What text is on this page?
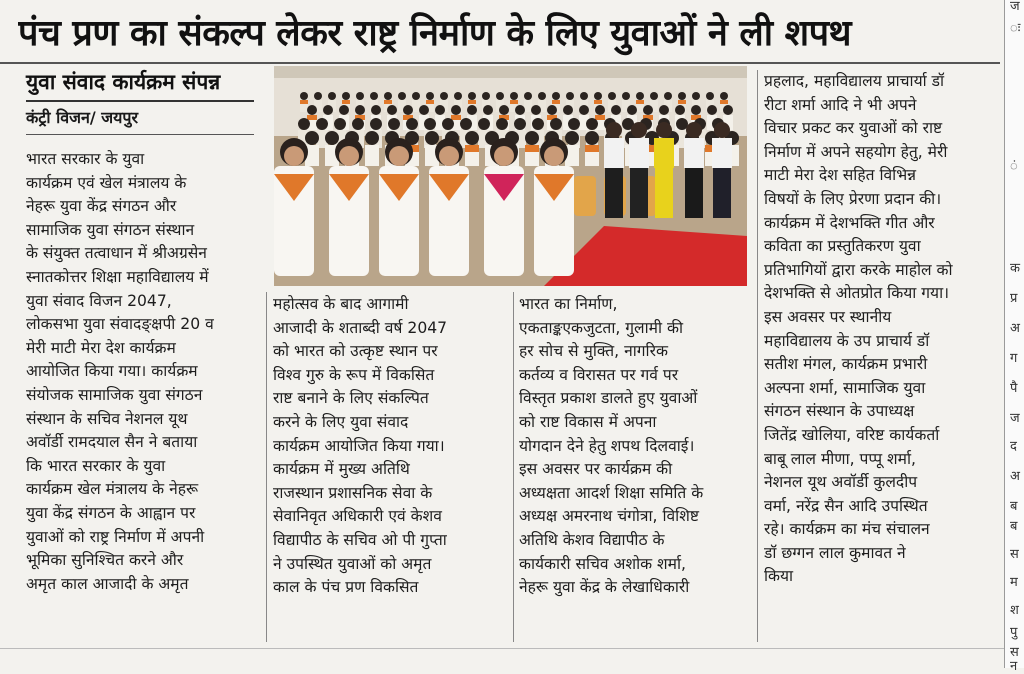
पंच प्रण का संकल्प लेकर राष्ट्र निर्माण के लिए युवाओं ने ली शपथ
युवा संवाद कार्यक्रम संपन्न
कंट्री विजन/ जयपुर
भारत सरकार के युवा
कार्यक्रम एवं खेल मंत्रालय के
नेहरू युवा केंद्र संगठन और
सामाजिक युवा संगठन संस्थान
के संयुक्त तत्वाधान में श्रीअग्रसेन
स्नातकोत्तर शिक्षा महाविद्यालय में
युवा संवाद विजन 2047,
लोकसभा युवा संवादङ्क्षपी 20 व
मेरी माटी मेरा देश कार्यक्रम
आयोजित किया गया। कार्यक्रम
संयोजक सामाजिक युवा संगठन
संस्थान के सचिव नेशनल यूथ
अवॉर्डी रामदयाल सैन ने बताया
कि भारत सरकार के युवा
कार्यक्रम खेल मंत्रालय के नेहरू
युवा केंद्र संगठन के आह्वान पर
युवाओं को राष्ट्र निर्माण में अपनी
भूमिका सुनिश्चित करने और
अमृत काल आजादी के अमृत
महोत्सव के बाद आगामी
आजादी के शताब्दी वर्ष 2047
को भारत को उत्कृष्ट स्थान पर
विश्व गुरु के रूप में विकसित
राष्ट बनाने के लिए संकल्पित
करने के लिए युवा संवाद
कार्यक्रम आयोजित किया गया।
कार्यक्रम में मुख्य अतिथि
राजस्थान प्रशासनिक सेवा के
सेवानिवृत अधिकारी एवं केशव
विद्यापीठ के सचिव ओ पी गुप्ता
ने उपस्थित युवाओं को अमृत
काल के पंच प्रण विकसित
भारत का निर्माण,
एकताङ्कएकजुटता, गुलामी की
हर सोच से मुक्ति, नागरिक
कर्तव्य व विरासत पर गर्व पर
विस्तृत प्रकाश डालते हुए युवाओं
को राष्ट विकास में अपना
योगदान देने हेतु शपथ दिलवाई।
इस अवसर पर कार्यक्रम की
अध्यक्षता आदर्श शिक्षा समिति के
अध्यक्ष अमरनाथ चंगोत्रा, विशिष्ट
अतिथि केशव विद्यापीठ के
कार्यकारी सचिव अशोक शर्मा,
नेहरू युवा केंद्र के लेखाधिकारी
प्रहलाद, महाविद्यालय प्राचार्या डॉ
रीटा शर्मा आदि ने भी अपने
विचार प्रकट कर युवाओं को राष्ट
निर्माण में अपने सहयोग हेतु, मेरी
माटी मेरा देश सहित विभिन्न
विषयों के लिए प्रेरणा प्रदान की।
कार्यक्रम में देशभक्ति गीत और
कविता का प्रस्तुतिकरण युवा
प्रतिभागियों द्वारा करके माहोल को
देशभक्ति से ओतप्रोत किया गया।
इस अवसर पर स्थानीय
महाविद्यालय के उप प्राचार्य डॉ
सतीश मंगल, कार्यक्रम प्रभारी
अल्पना शर्मा, सामाजिक युवा
संगठन संस्थान के उपाध्यक्ष
जितेंद्र खोलिया, वरिष्ट कार्यकर्ता
बाबू लाल मीणा, पप्पू शर्मा,
नेशनल यूथ अवॉर्डी कुलदीप
वर्मा, नरेंद्र सैन आदि उपस्थित
रहे। कार्यक्रम का मंच संचालन
डॉ छग्गन लाल कुमावत ने
किया
ज
ः
ं
क
प्र
अ
ग
पै
ज
द
अ
ब
ब
स
म
श
पु
स
न
